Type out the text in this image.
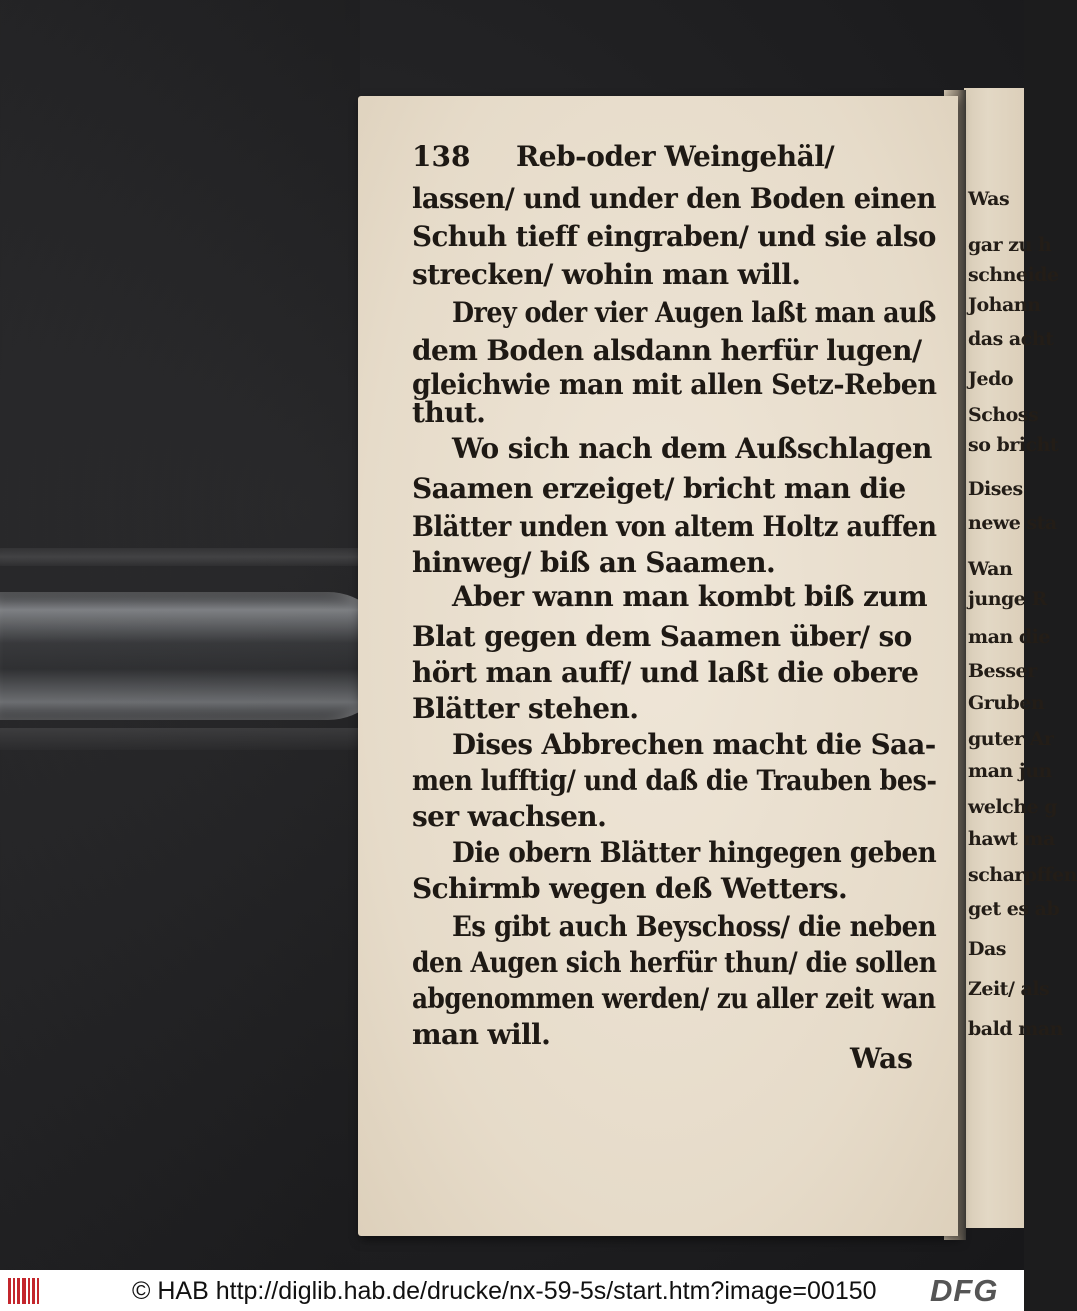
Was
gar zu h
schneide
Johann
das acht
Jedo
Schoss
so bricht
Dises
newe sta
Wan
junge R
man die
Besser
Gruben
guter Ar
man jun
welche g
hawt ma
scharpffen
get es ab
Das
Zeit/ als
bald man
138	Reb-oder Weingehäl/
lassen/ und under den Boden einen
Schuh tieff eingraben/ und sie also
strecken/ wohin man will.
Drey oder vier Augen laßt man auß
dem Boden alsdann herfür lugen/
gleichwie man mit allen Setz-Reben
thut.
Wo sich nach dem Außschlagen
Saamen erzeiget/ bricht man die
Blätter unden von altem Holtz auffen
hinweg/ biß an Saamen.
Aber wann man kombt biß zum
Blat gegen dem Saamen über/ so
hört man auff/ und laßt die obere
Blätter stehen.
Dises Abbrechen macht die Saa-
men lufftig/ und daß die Trauben bes-
ser wachsen.
Die obern Blätter hingegen geben
Schirmb wegen deß Wetters.
Es gibt auch Beyschoss/ die neben
den Augen sich herfür thun/ die sollen
abgenommen werden/ zu aller zeit wan
man will.
Was
© HAB http://diglib.hab.de/drucke/nx-59-5s/start.htm?image=00150 DFG
